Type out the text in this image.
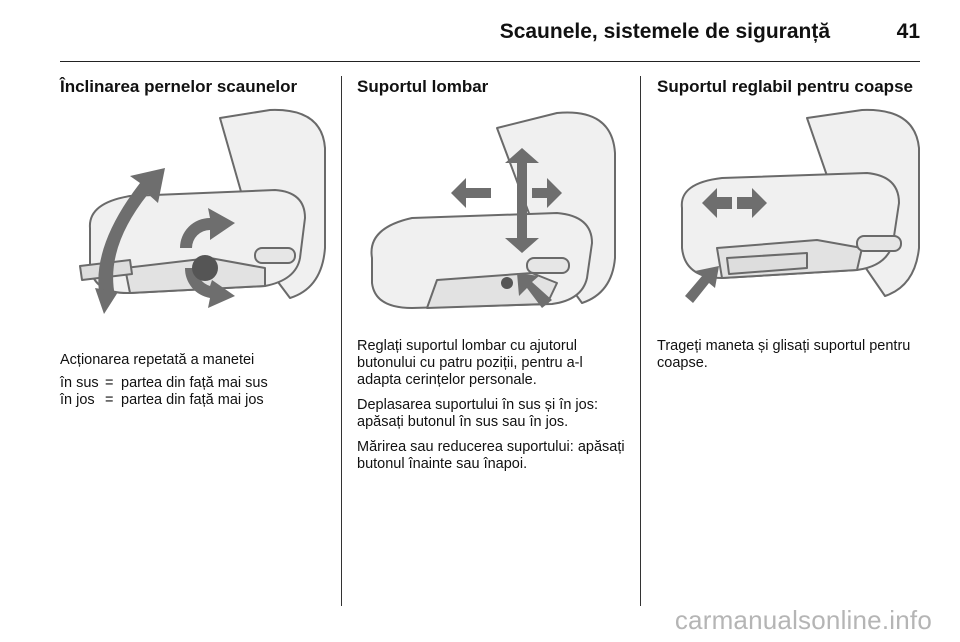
Scaunele, sistemele de siguranță	41
Înclinarea pernelor scaunelor
Acționarea repetată a manetei
în sus	=	partea din față mai sus
în jos	=	partea din față mai jos
Suportul lombar
Reglați suportul lombar cu ajutorul butonului cu patru poziții, pentru a-l adapta cerințelor personale.
Deplasarea suportului în sus și în jos: apăsați butonul în sus sau în jos.
Mărirea sau reducerea suportului: apăsați butonul înainte sau înapoi.
Suportul reglabil pentru coapse
Trageți maneta și glisați suportul pentru coapse.
carmanualsonline.info
